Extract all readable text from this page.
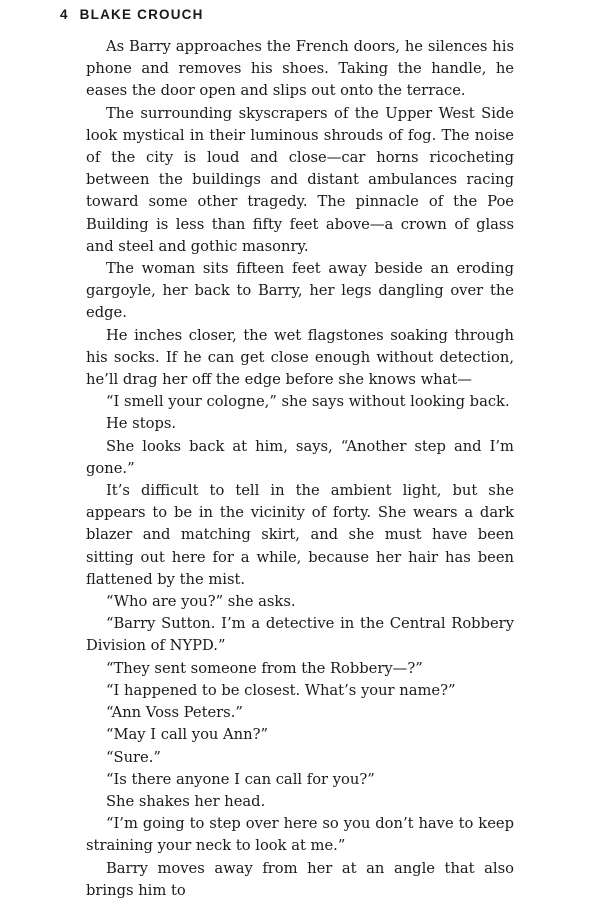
4 BLAKE CROUCH

As Barry approaches the French doors, he silences his phone and removes his shoes. Taking the handle, he eases the door open and slips out onto the terrace.

The surrounding skyscrapers of the Upper West Side look mystical in their luminous shrouds of fog. The noise of the city is loud and close—car horns ricocheting between the buildings and distant ambulances racing toward some other tragedy. The pinnacle of the Poe Building is less than fifty feet above—a crown of glass and steel and gothic masonry.

The woman sits fifteen feet away beside an eroding gargoyle, her back to Barry, her legs dangling over the edge.

He inches closer, the wet flagstones soaking through his socks. If he can get close enough without detection, he’ll drag her off the edge before she knows what—

“I smell your cologne,” she says without looking back.

He stops.

She looks back at him, says, “Another step and I’m gone.”

It’s difficult to tell in the ambient light, but she appears to be in the vicinity of forty. She wears a dark blazer and matching skirt, and she must have been sitting out here for a while, because her hair has been flattened by the mist.

“Who are you?” she asks.

“Barry Sutton. I’m a detective in the Central Robbery Division of NYPD.”

“They sent someone from the Robbery—?”

“I happened to be closest. What’s your name?”

“Ann Voss Peters.”

“May I call you Ann?”

“Sure.”

“Is there anyone I can call for you?”

She shakes her head.

“I’m going to step over here so you don’t have to keep straining your neck to look at me.”

Barry moves away from her at an angle that also brings him to
